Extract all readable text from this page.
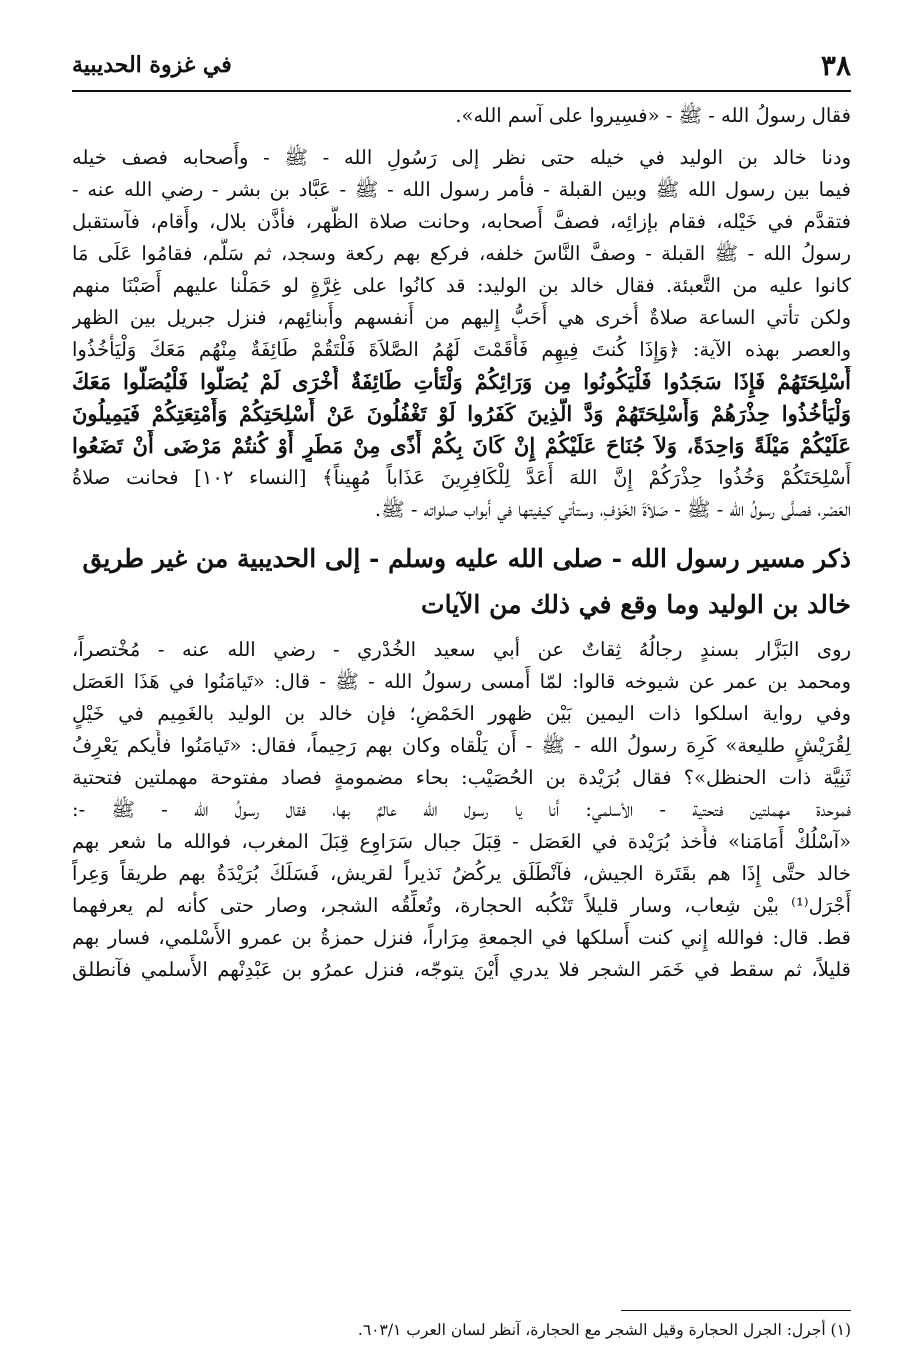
٣٨
في غزوة الحديبية
فقال رسولُ الله - ﷺ - «فسِيروا على آسم الله».
ودنا خالد بن الوليد في خيله حتى نظر إلى رَسُولِ الله - ﷺ - وأَصحابه فصف خيله
فيما بين رسول الله ﷺ وبين القبلة - فأمر رسول الله - ﷺ - عَبَّاد بن بشر - رضي الله عنه -
فتقدَّم في خَيْله، فقام بإزائِه، فصفَّ أَصحابه، وحانت صلاة الظُّهر، فأذَّن بلال، وأَقام، فآستقبل
رسولُ الله - ﷺ القبلة - وصفَّ النَّاسَ خلفه، فركع بهم ركعة وسجد، ثم سَلَّم، فقامُوا عَلَى مَا
كانوا عليه من التَّعبئة. فقال خالد بن الوليد: قد كانُوا على غِرَّةٍ لو حَمَلْنا عليهم أَصَبْنَا منهم
ولكن تأتي الساعة صلاةٌ أُخرى هي أَحَبُّ إِليهم من أَنفسهم وأَبنائِهم، فنزل جبريل بين الظهر
والعصر بهذه الآية: ﴿وَإِذَا كُنتَ فِيهِم فَأَقَمْتَ لَهُمُ الصَّلاَةَ فَلْتَقُمْ طَائِفَةٌ مِنْهُم مَعَكَ وَلْيَأْخُذُوا
أَسْلِحَتَهُمْ فَإِذَا سَجَدُوا فَلْيَكُونُوا مِن وَرَائِكُمْ وَلْتَأْتِ طَائِفَةٌ أُخْرَى لَمْ يُصَلُّوا فَلْيُصَلُّوا مَعَكَ
وَلْيَأْخُذُوا حِذْرَهُمْ وَأَسْلِحَتَهُمْ وَدَّ الَّذِينَ كَفَرُوا لَوْ تَغْفُلُونَ عَنْ أَسْلِحَتِكُمْ وَأَمْتِعَتِكُمْ فَيَمِيلُونَ
عَلَيْكُمْ مَيْلَةً وَاحِدَةً، وَلاَ جُنَاحَ عَلَيْكُمْ إِنْ كَانَ بِكُمْ أَذًى مِنْ مَطَرٍ أَوْ كُنتُمْ مَرْضَى أَنْ تَضَعُوا
أَسْلِحَتَكُمْ وَخُذُوا حِذْرَكُمْ إِنَّ اللهَ أَعَدَّ لِلْكَافِرِينَ عَذَاباً مُهِيناً﴾ [النساء ١٠٢] فحانت صلاةُ
العَصْر، فصلَّى رسولُ الله - ﷺ - صَلاَةَ الخَوْفِ، وستأتي كيفيتها في أَبواب صلواته - ﷺ.
ذكر مسير رسول الله - صلى الله عليه وسلم - إلى الحديبية من غير طريق
خالد بن الوليد وما وقع في ذلك من الآيات
روى البَزَّار بسندٍ رجالُهُ ثِقاتٌ عن أبي سعيد الخُدْري - رضي الله عنه - مُخْتصراً،
ومحمد بن عمر عن شيوخه قالوا: لمّا أَمسى رسولُ الله - ﷺ - قال: «تَيامَنُوا في هَذَا العَصَل
وفي رواية اسلكوا ذات اليمين بَيْن ظهور الحَمْضِ؛ فإن خالد بن الوليد بالغَمِيم في خَيْلٍ
لِقُرَيْشٍ طليعة» كَرِهَ رسولُ الله - ﷺ - أَن يَلْقاه وكان بهم رَحِيماً، فقال: «تَيامَنُوا فأَيكم يَعْرِفُ
ثَنِيَّة ذات الحنظل»؟ فقال بُرَيْدة بن الحُصَيْب: بحاء مضمومةٍ فصاد مفتوحة مهملتين فتحتية
فموحدة مهملتين فتحتية - الأسلمي: أَنا يا رسول الله عالمٌ بها، فقال رسولُ الله - ﷺ -:
«آسْلُكْ أَمَامَنا» فأَخذ بُرَيْدة في العَصَل - قِبَلَ جبال سَرَاوِع قِبَلَ المغرب، فوالله ما شعر بهم
خالد حتَّى إِذَا هم بقَتَرة الجيش، فآنْطَلَق يركُضُ نَذيراً لقريش، فَسَلَكَ بُرَيْدَةُ بهم طريقاً وَعِراً
أَجْرَل⁽¹⁾ بيْن شِعاب، وسار قليلاً تَنْكُبه الحجارة، وتُعلِّقُه الشجر، وصار حتى كأنه لم يعرفهما
قط. قال: فوالله إِني كنت أَسلكها في الجمعةِ مِرَاراً، فنزل حمزةُ بن عمرو الأَسْلمي، فسار بهم
قليلاً، ثم سقط في خَمَر الشجر فلا يدري أَيْنَ يتوجّه، فنزل عمرُو بن عَبْدِنْهم الأَسلمي فآنطلق
(١) أجرل: الجرل الحجارة وقيل الشجر مع الحجارة، آنظر لسان العرب ٦٠٣/١.
